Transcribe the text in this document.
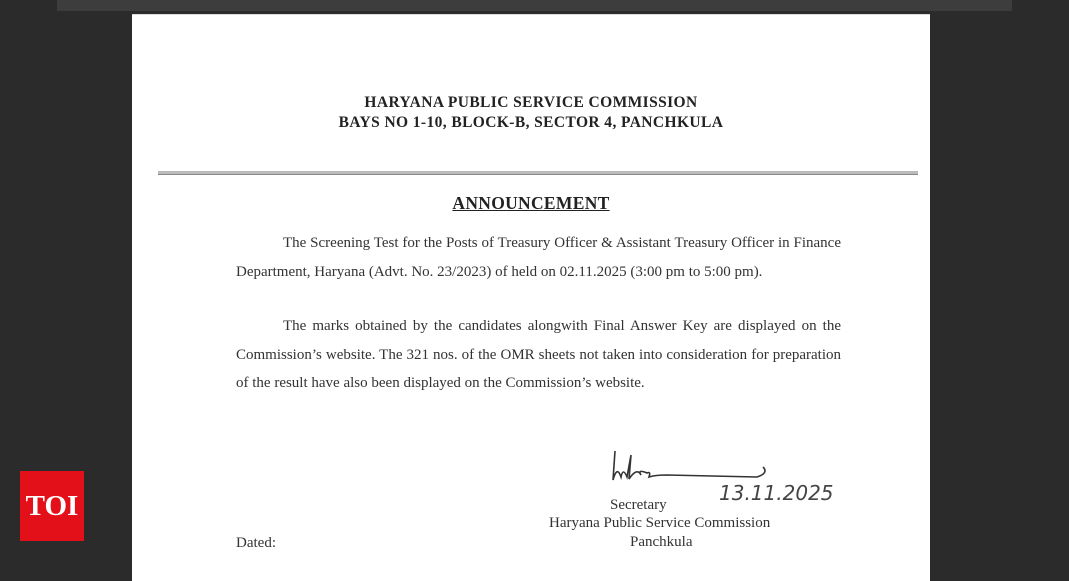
HARYANA PUBLIC SERVICE COMMISSION
BAYS NO 1-10, BLOCK-B, SECTOR 4, PANCHKULA
ANNOUNCEMENT

The Screening Test for the Posts of Treasury Officer & Assistant Treasury Officer in Finance Department, Haryana (Advt. No. 23/2023) of held on 02.11.2025 (3:00 pm to 5:00 pm).

The marks obtained by the candidates alongwith Final Answer Key are displayed on the Commission’s website. The 321 nos. of the OMR sheets not taken into consideration for preparation of the result have also been displayed on the Commission’s website.

13.11.2025
Secretary
Haryana Public Service Commission
Panchkula
Dated:
TOI
